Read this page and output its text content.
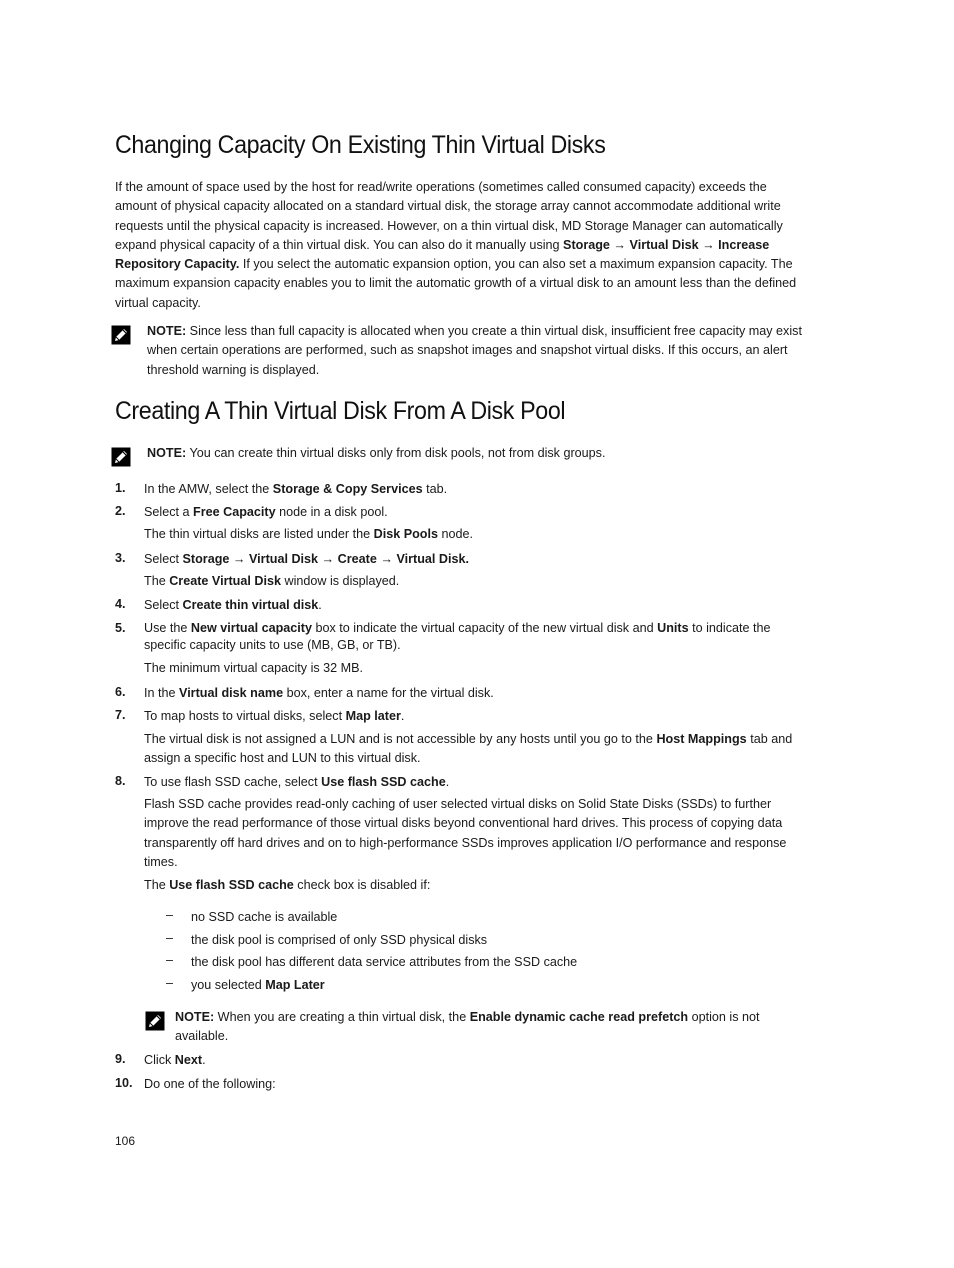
Changing Capacity On Existing Thin Virtual Disks
If the amount of space used by the host for read/write operations (sometimes called consumed capacity) exceeds the amount of physical capacity allocated on a standard virtual disk, the storage array cannot accommodate additional write requests until the physical capacity is increased. However, on a thin virtual disk, MD Storage Manager can automatically expand physical capacity of a thin virtual disk. You can also do it manually using Storage → Virtual Disk → Increase Repository Capacity. If you select the automatic expansion option, you can also set a maximum expansion capacity. The maximum expansion capacity enables you to limit the automatic growth of a virtual disk to an amount less than the defined virtual capacity.
NOTE: Since less than full capacity is allocated when you create a thin virtual disk, insufficient free capacity may exist when certain operations are performed, such as snapshot images and snapshot virtual disks. If this occurs, an alert threshold warning is displayed.
Creating A Thin Virtual Disk From A Disk Pool
NOTE: You can create thin virtual disks only from disk pools, not from disk groups.
1. In the AMW, select the Storage & Copy Services tab.
2. Select a Free Capacity node in a disk pool.
The thin virtual disks are listed under the Disk Pools node.
3. Select Storage → Virtual Disk → Create → Virtual Disk.
The Create Virtual Disk window is displayed.
4. Select Create thin virtual disk.
5. Use the New virtual capacity box to indicate the virtual capacity of the new virtual disk and Units to indicate the specific capacity units to use (MB, GB, or TB).
The minimum virtual capacity is 32 MB.
6. In the Virtual disk name box, enter a name for the virtual disk.
7. To map hosts to virtual disks, select Map later.
The virtual disk is not assigned a LUN and is not accessible by any hosts until you go to the Host Mappings tab and assign a specific host and LUN to this virtual disk.
8. To use flash SSD cache, select Use flash SSD cache.
Flash SSD cache provides read-only caching of user selected virtual disks on Solid State Disks (SSDs) to further improve the read performance of those virtual disks beyond conventional hard drives. This process of copying data transparently off hard drives and on to high-performance SSDs improves application I/O performance and response times.
The Use flash SSD cache check box is disabled if:
– no SSD cache is available
– the disk pool is comprised of only SSD physical disks
– the disk pool has different data service attributes from the SSD cache
– you selected Map Later
NOTE: When you are creating a thin virtual disk, the Enable dynamic cache read prefetch option is not available.
9. Click Next.
10. Do one of the following:
106
